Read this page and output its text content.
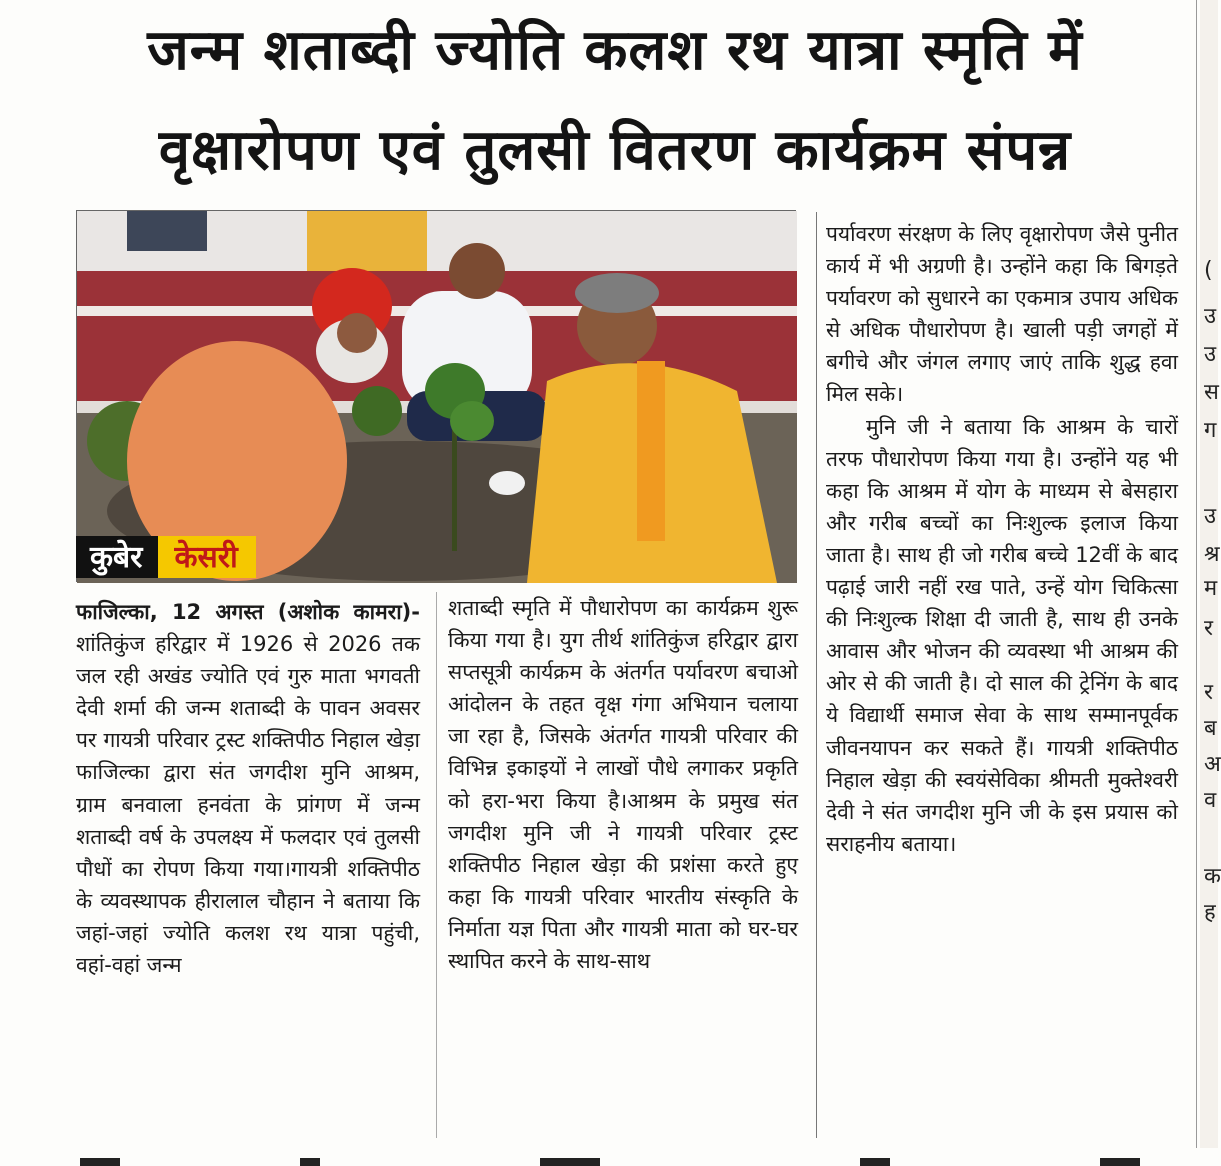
जन्म शताब्दी ज्योति कलश रथ यात्रा स्मृति में
वृक्षारोपण एवं तुलसी वितरण कार्यक्रम संपन्न
कुबेर	केसरी

फाजिल्का, 12 अगस्त (अशोक कामरा)- शांतिकुंज हरिद्वार में 1926 से 2026 तक जल रही अखंड ज्योति एवं गुरु माता भगवती देवी शर्मा की जन्म शताब्दी के पावन अवसर पर गायत्री परिवार ट्रस्ट शक्तिपीठ निहाल खेड़ा फाजिल्का द्वारा संत जगदीश मुनि आश्रम, ग्राम बनवाला हनवंता के प्रांगण में जन्म शताब्दी वर्ष के उपलक्ष्य में फलदार एवं तुलसी पौधों का रोपण किया गया।गायत्री शक्तिपीठ के व्यवस्थापक हीरालाल चौहान ने बताया कि जहां-जहां ज्योति कलश रथ यात्रा पहुंची, वहां-वहां जन्म

शताब्दी स्मृति में पौधारोपण का कार्यक्रम शुरू किया गया है। युग तीर्थ शांतिकुंज हरिद्वार द्वारा सप्तसूत्री कार्यक्रम के अंतर्गत पर्यावरण बचाओ आंदोलन के तहत वृक्ष गंगा अभियान चलाया जा रहा है, जिसके अंतर्गत गायत्री परिवार की विभिन्न इकाइयों ने लाखों पौधे लगाकर प्रकृति को हरा-भरा किया है।आश्रम के प्रमुख संत जगदीश मुनि जी ने गायत्री परिवार ट्रस्ट शक्तिपीठ निहाल खेड़ा की प्रशंसा करते हुए कहा कि गायत्री परिवार भारतीय संस्कृति के निर्माता यज्ञ पिता और गायत्री माता को घर-घर स्थापित करने के साथ-साथ

पर्यावरण संरक्षण के लिए वृक्षारोपण जैसे पुनीत कार्य में भी अग्रणी है। उन्होंने कहा कि बिगड़ते पर्यावरण को सुधारने का एकमात्र उपाय अधिक से अधिक पौधारोपण है। खाली पड़ी जगहों में बगीचे और जंगल लगाए जाएं ताकि शुद्ध हवा मिल सके।

मुनि जी ने बताया कि आश्रम के चारों तरफ पौधारोपण किया गया है। उन्होंने यह भी कहा कि आश्रम में योग के माध्यम से बेसहारा और गरीब बच्चों का निःशुल्क इलाज किया जाता है। साथ ही जो गरीब बच्चे 12वीं के बाद पढ़ाई जारी नहीं रख पाते, उन्हें योग चिकित्सा की निःशुल्क शिक्षा दी जाती है, साथ ही उनके आवास और भोजन की व्यवस्था भी आश्रम की ओर से की जाती है। दो साल की ट्रेनिंग के बाद ये विद्यार्थी समाज सेवा के साथ सम्मानपूर्वक जीवनयापन कर सकते हैं। गायत्री शक्तिपीठ निहाल खेड़ा की स्वयंसेविका श्रीमती मुक्तेश्वरी देवी ने संत जगदीश मुनि जी के इस प्रयास को सराहनीय बताया।

(
उ
उ
स
ग
उ
श्र
म
र
र
ब
अ
व
क
ह
